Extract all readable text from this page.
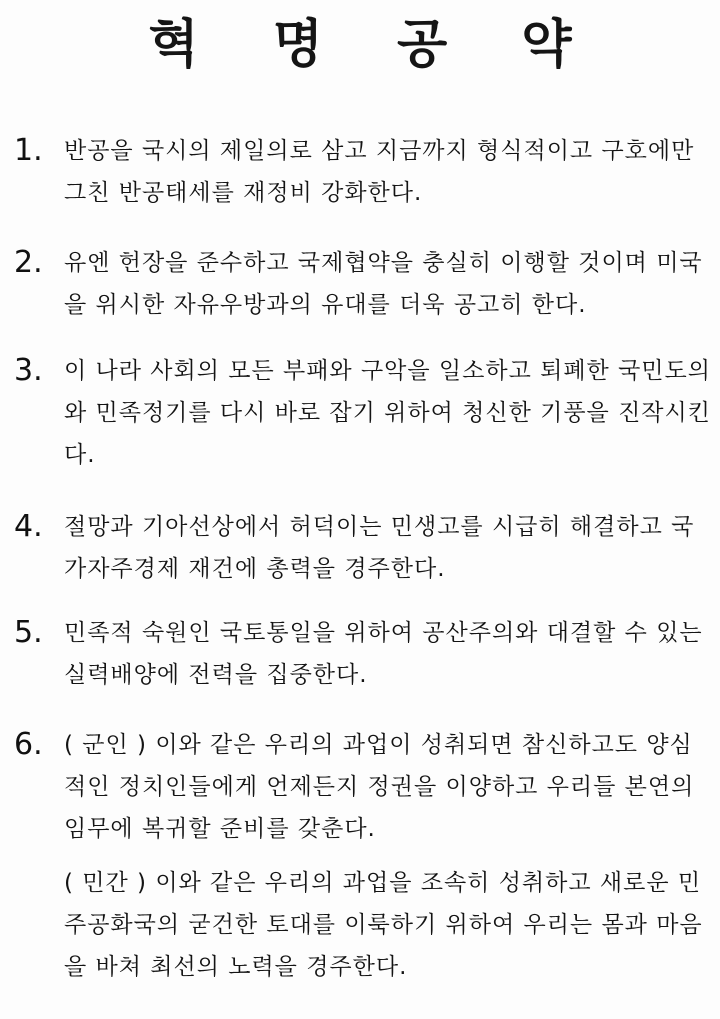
혁 명 공 약
1. 반공을 국시의 제일의로 삼고 지금까지 형식적이고 구호에만 그친 반공태세를 재정비 강화한다.
2. 유엔 헌장을 준수하고 국제협약을 충실히 이행할 것이며 미국을 위시한 자유우방과의 유대를 더욱 공고히 한다.
3. 이 나라 사회의 모든 부패와 구악을 일소하고 퇴폐한 국민도의와 민족정기를 다시 바로 잡기 위하여 청신한 기풍을 진작시킨다.
4. 절망과 기아선상에서 허덕이는 민생고를 시급히 해결하고 국가자주경제 재건에 총력을 경주한다.
5. 민족적 숙원인 국토통일을 위하여 공산주의와 대결할 수 있는 실력배양에 전력을 집중한다.
6. ( 군인 ) 이와 같은 우리의 과업이 성취되면 참신하고도 양심적인 정치인들에게 언제든지 정권을 이양하고 우리들 본연의 임무에 복귀할 준비를 갖춘다.

( 민간 ) 이와 같은 우리의 과업을 조속히 성취하고 새로운 민주공화국의 굳건한 토대를 이룩하기 위하여 우리는 몸과 마음을 바쳐 최선의 노력을 경주한다.
